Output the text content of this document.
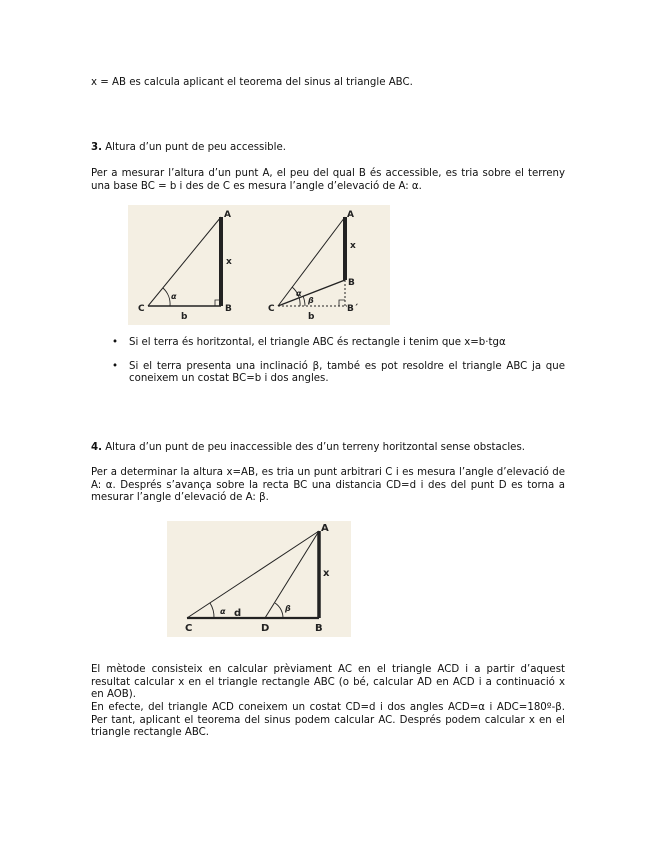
x = AB es calcula aplicant el teorema del sinus al triangle ABC.

3. Altura d’un punt de peu accessible.

Per a mesurar l’altura d’un punt A, el peu del qual B és accessible, es tria sobre el terreny una base BC = b i des de C es mesura l’angle d’elevació de A: α.

A
B
C
x
b
α
A
B
B´
C
x
b
α
β
• Si el terra és horitzontal, el triangle ABC és rectangle i tenim que x=b·tgα
• Si el terra presenta una inclinació β, també es pot resoldre el triangle ABC ja que coneixem un costat BC=b i dos angles.

4. Altura d’un punt de peu inaccessible des d’un terreny horitzontal sense obstacles.

Per a determinar la altura x=AB, es tria un punt arbitrari C i es mesura l’angle d’elevació de A: α. Després s’avança sobre la recta BC una distancia CD=d i des del punt D es torna a mesurar l’angle d’elevació de A: β.

A
B
C	D
x
d
α	β

El mètode consisteix en calcular prèviament AC en el triangle ACD i a partir d’aquest resultat calcular x en el triangle rectangle ABC (o bé, calcular AD en ACD i a continuació x en AOB).

En efecte, del triangle ACD coneixem un costat CD=d i dos angles ACD=α i ADC=180º-β. Per tant, aplicant el teorema del sinus podem calcular AC. Després podem calcular x en el triangle rectangle ABC.
